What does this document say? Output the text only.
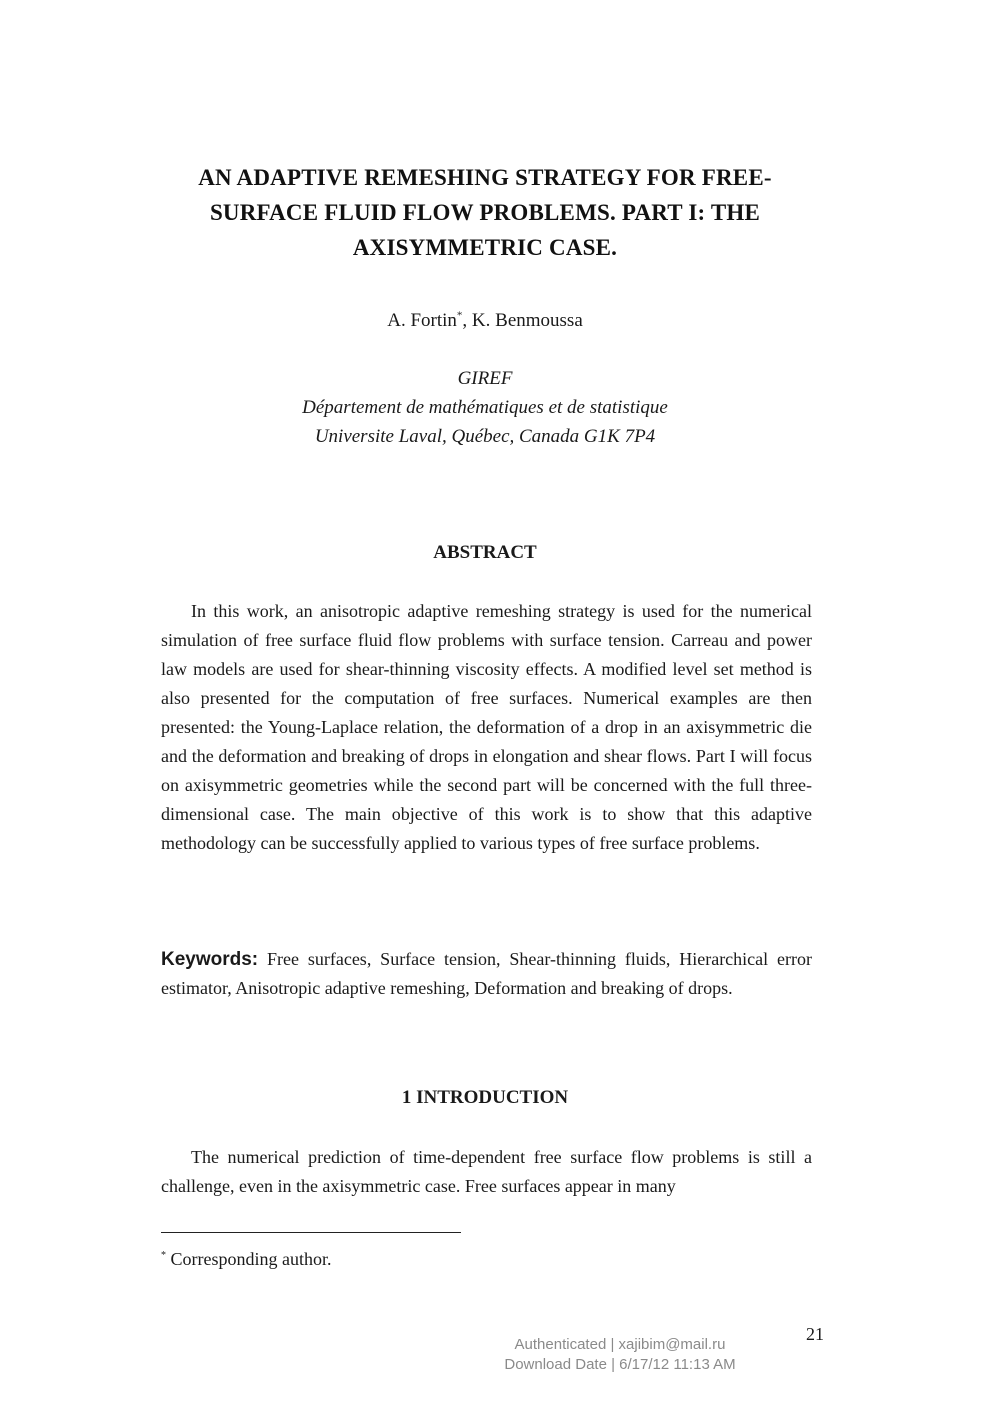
AN ADAPTIVE REMESHING STRATEGY FOR FREE-
SURFACE FLUID FLOW PROBLEMS. PART I: THE
AXISYMMETRIC CASE.
A. Fortin*, K. Benmoussa
GIREF
Département de mathématiques et de statistique
Universite Laval, Québec, Canada G1K 7P4
ABSTRACT

In this work, an anisotropic adaptive remeshing strategy is used for the numerical simulation of free surface fluid flow problems with surface tension. Carreau and power law models are used for shear-thinning viscosity effects. A modified level set method is also presented for the computation of free surfaces. Numerical examples are then presented: the Young-Laplace relation, the deformation of a drop in an axisymmetric die and the deformation and breaking of drops in elongation and shear flows. Part I will focus on axisymmetric geometries while the second part will be concerned with the full three-dimensional case. The main objective of this work is to show that this adaptive methodology can be successfully applied to various types of free surface problems.

Keywords: Free surfaces, Surface tension, Shear-thinning fluids, Hierarchical error estimator, Anisotropic adaptive remeshing, Deformation and breaking of drops.

1 INTRODUCTION

The numerical prediction of time-dependent free surface flow problems is still a challenge, even in the axisymmetric case. Free surfaces appear in many

* Corresponding author.
21
Authenticated | xajibim@mail.ru
Download Date | 6/17/12 11:13 AM
